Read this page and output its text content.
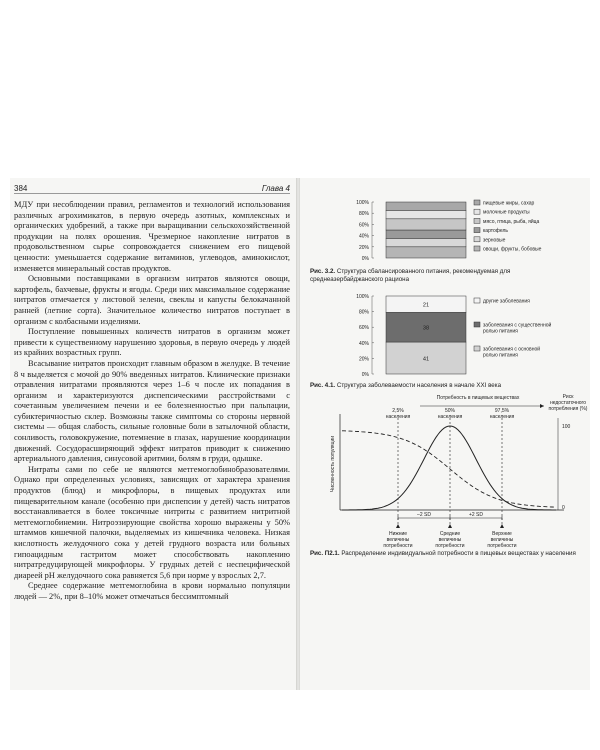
384	Глава 4

МДУ при несоблюдении правил, регламентов и технологий использования различных агрохимикатов, в первую очередь азотных, комплексных и органических удобрений, а также при выращивании сельскохозяйственной продукции на полях орошения. Чрезмерное накопление нитратов в продовольственном сырье сопровождается снижением его пищевой ценности: уменьшается содержание витаминов, углеводов, аминокислот, изменяется минеральный состав продуктов.

Основными поставщиками в организм нитратов являются овощи, картофель, бахчевые, фрукты и ягоды. Среди них максимальное содержание нитратов отмечается у листовой зелени, свеклы и капусты белокачанной ранней (летние сорта). Значительное количество нитратов поступает в организм с колбасными изделиями.

Поступление повышенных количеств нитратов в организм может привести к существенному нарушению здоровья, в первую очередь у людей из крайних возрастных групп.

Всасывание нитратов происходит главным образом в желудке. В течение 8 ч выделяется с мочой до 90% введенных нитратов. Клинические признаки отравления нитратами проявляются через 1–6 ч после их попадания в организм и характеризуются диспепсическими расстройствами с сочетанным увеличением печени и ее болезненностью при пальпации, субиктеричностью склер. Возможны также симптомы со стороны нервной системы — общая слабость, сильные головные боли в затылочной области, сонливость, головокружение, потемнение в глазах, нарушение координации движений. Сосудорасширяющий эффект нитратов приводит к снижению артериального давления, синусовой аритмии, болям в груди, одышке.

Нитраты сами по себе не являются метгемоглобинобразователями. Однако при определенных условиях, зависящих от характера хранения продуктов (блюд) и микрофлоры, в пищевых продуктах или пищеварительном канале (особенно при диспепсии у детей) часть нитратов восстанавливается в более токсичные нитриты с развитием нитритной метгемоглобинемии. Нитроэзирующие свойства хорошо выражены у 50% штаммов кишечной палочки, выделяемых из кишечника человека. Низкая кислотность желудочного сока у детей грудного возраста или больных гипоацидным гастритом может способствовать накоплению нитратредуцирующей микрофлоры. У грудных детей с неспецифической диареей рН желудочного сока равняется 5,6 при норме у взрослых 2,7.

Среднее содержание метгемоглобина в крови нормально популяции людей — 2%, при 8–10% может отмечаться бессимптомный

100%
80%
60%
40%
20%
0%
пищевые жиры, сахар
молочные продукты
мясо, птица, рыба, яйца
картофель
зерновые
овощи, фрукты, бобовые
Рис. 3.2. Структура сбалансированного питания, рекомендуемая для среднеазербайджанского рациона
100%
80%
60%
40%
20%
0%
41
38
21
другие заболевания
заболевания с существенной
ролью питания
заболевания с основной
ролью питания
Рис. 4.1. Структура заболеваемости населения в начале XXI века
Потребность в пищевых веществах	Риск
недостаточного
потребления (%)
100
0
Численность популяции
2,5%
населения
50%
населения
97,5%
населения
–2 SD	+2 SD
Нижние
величины
потребности
Средние
величины
потребности
Верхние
величины
потребности
Рис. П2.1. Распределение индивидуальной потребности в пищевых веществах у населения
